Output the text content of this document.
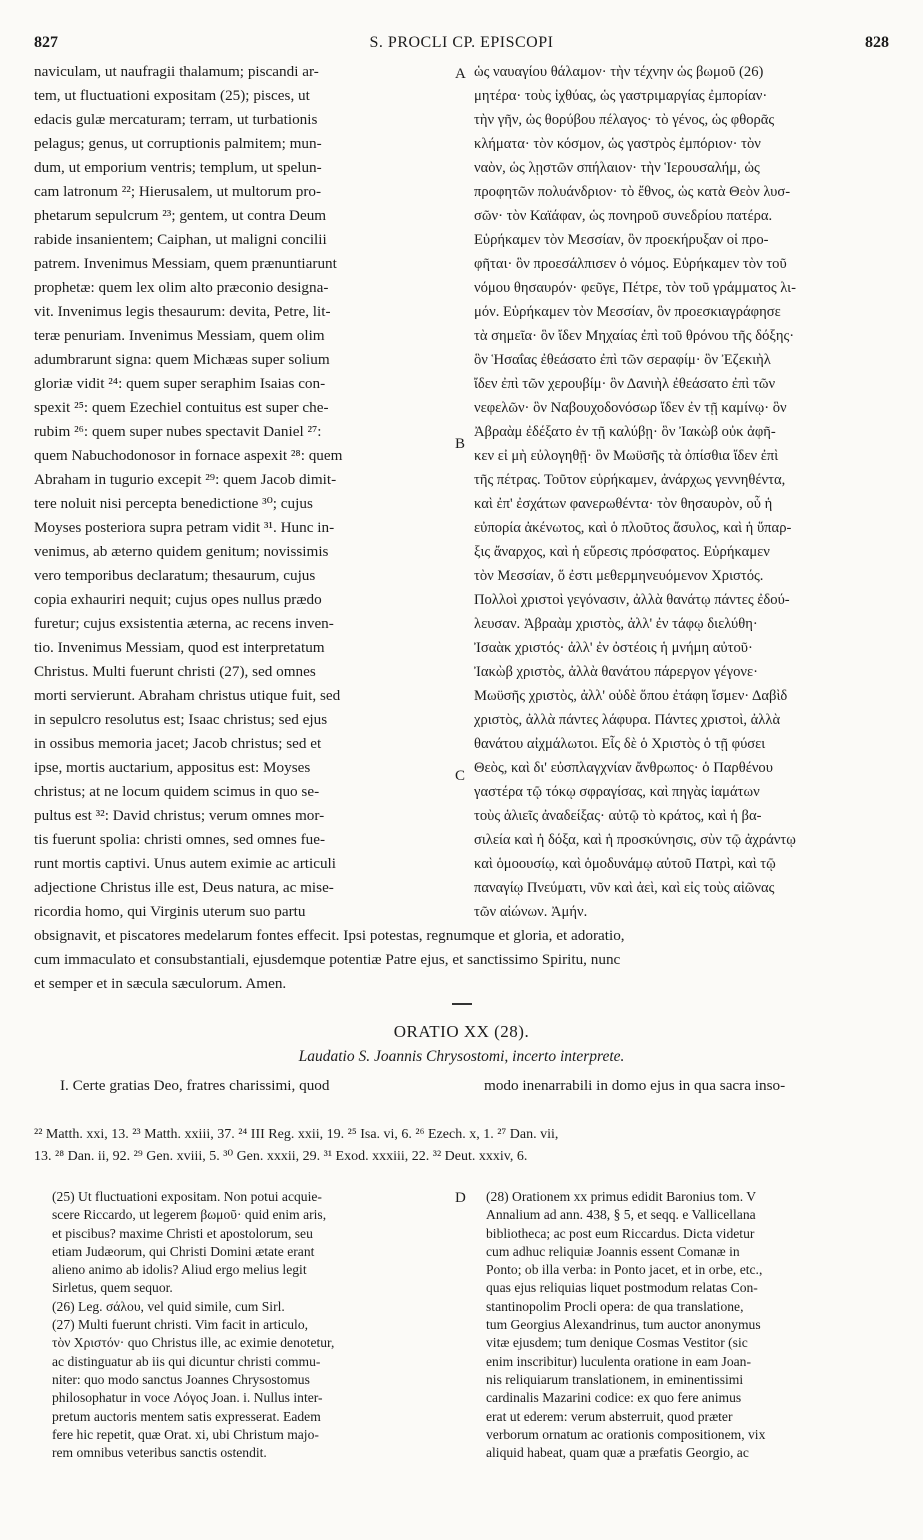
827	S. PROCLI CP. EPISCOPI	828
naviculam, ut naufragii thalamum; piscandi ar-
tem, ut fluctuationi expositam (25); pisces, ut
edacis gulæ mercaturam; terram, ut turbationis
pelagus; genus, ut corruptionis palmitem; mun-
dum, ut emporium ventris; templum, ut spelun-
cam latronum ²²; Hierusalem, ut multorum pro-
phetarum sepulcrum ²³; gentem, ut contra Deum
rabide insanientem; Caiphan, ut maligni concilii
patrem. Invenimus Messiam, quem prænuntiarunt
prophetæ: quem lex olim alto præconio designa-
vit. Invenimus legis thesaurum: devita, Petre, lit-
teræ penuriam. Invenimus Messiam, quem olim
adumbrarunt signa: quem Michæas super solium
gloriæ vidit ²⁴: quem super seraphim Isaias con-
spexit ²⁵: quem Ezechiel contuitus est super che-
rubim ²⁶: quem super nubes spectavit Daniel ²⁷:
quem Nabuchodonosor in fornace aspexit ²⁸: quem
Abraham in tugurio excepit ²⁹: quem Jacob dimit-
tere noluit nisi percepta benedictione ³⁰; cujus
Moyses posteriora supra petram vidit ³¹. Hunc in-
venimus, ab æterno quidem genitum; novissimis
vero temporibus declaratum; thesaurum, cujus
copia exhauriri nequit; cujus opes nullus prædo
furetur; cujus exsistentia æterna, ac recens inven-
tio. Invenimus Messiam, quod est interpretatum
Christus. Multi fuerunt christi (27), sed omnes
morti servierunt. Abraham christus utique fuit, sed
in sepulcro resolutus est; Isaac christus; sed ejus
in ossibus memoria jacet; Jacob christus; sed et
ipse, mortis auctarium, appositus est: Moyses
christus; at ne locum quidem scimus in quo se-
pultus est ³²: David christus; verum omnes mor-
tis fuerunt spolia: christi omnes, sed omnes fue-
runt mortis captivi. Unus autem eximie ac articuli
adjectione Christus ille est, Deus natura, ac mise-
ricordia homo, qui Virginis uterum suo partu
ὡς ναυαγίου θάλαμον· τὴν τέχνην ὡς βωμοῦ (26)
μητέρα· τοὺς ἰχθύας, ὡς γαστριμαργίας ἐμπορίαν·
τὴν γῆν, ὡς θορύβου πέλαγος· τὸ γένος, ὡς φθορᾶς
κλήματα· τὸν κόσμον, ὡς γαστρὸς ἐμπόριον· τὸν
ναὸν, ὡς λῃστῶν σπήλαιον· τὴν Ἱερουσαλήμ, ὡς
προφητῶν πολυάνδριον· τὸ ἔθνος, ὡς κατὰ Θεὸν λυσ-
σῶν· τὸν Καϊάφαν, ὡς πονηροῦ συνεδρίου πατέρα.
Εὑρήκαμεν τὸν Μεσσίαν, ὃν προεκήρυξαν οἱ προ-
φῆται· ὃν προεσάλπισεν ὁ νόμος. Εὑρήκαμεν τὸν τοῦ
νόμου θησαυρόν· φεῦγε, Πέτρε, τὸν τοῦ γράμματος λι-
μόν. Εὑρήκαμεν τὸν Μεσσίαν, ὃν προεσκιαγράφησε
τὰ σημεῖα· ὃν ἴδεν Μηχαίας ἐπὶ τοῦ θρόνου τῆς δόξης·
ὃν Ἡσαΐας ἐθεάσατο ἐπὶ τῶν σεραφίμ· ὃν Ἐζεκιὴλ
ἴδεν ἐπὶ τῶν χερουβίμ· ὃν Δανιὴλ ἐθεάσατο ἐπὶ τῶν
νεφελῶν· ὃν Ναβουχοδονόσωρ ἴδεν ἐν τῇ καμίνῳ· ὃν
Ἀβραὰμ ἐδέξατο ἐν τῇ καλύβῃ· ὃν Ἰακὼβ οὐκ ἀφῆ-
κεν εἰ μὴ εὐλογηθῇ· ὃν Μωϋσῆς τὰ ὀπίσθια ἴδεν ἐπὶ
τῆς πέτρας. Τοῦτον εὑρήκαμεν, ἀνάρχως γεννηθέντα,
καὶ ἐπ' ἐσχάτων φανερωθέντα· τὸν θησαυρὸν, οὗ ἡ
εὐπορία ἀκένωτος, καὶ ὁ πλοῦτος ἄσυλος, καὶ ἡ ὕπαρ-
ξις ἄναρχος, καὶ ἡ εὕρεσις πρόσφατος. Εὑρήκαμεν
τὸν Μεσσίαν, ὅ ἐστι μεθερμηνευόμενον Χριστός.
Πολλοὶ χριστοὶ γεγόνασιν, ἀλλὰ θανάτῳ πάντες ἐδού-
λευσαν. Ἀβραὰμ χριστὸς, ἀλλ' ἐν τάφῳ διελύθη·
Ἰσαὰκ χριστός· ἀλλ' ἐν ὀστέοις ἡ μνήμη αὐτοῦ·
Ἰακὼβ χριστὸς, ἀλλὰ θανάτου πάρεργον γέγονε·
Μωϋσῆς χριστὸς, ἀλλ' οὐδὲ ὅπου ἐτάφη ἴσμεν· Δαβὶδ
χριστὸς, ἀλλὰ πάντες λάφυρα. Πάντες χριστοὶ, ἀλλὰ
θανάτου αἰχμάλωτοι. Εἷς δὲ ὁ Χριστὸς ὁ τῇ φύσει
Θεὸς, καὶ δι' εὐσπλαγχνίαν ἄνθρωπος· ὁ Παρθένου
γαστέρα τῷ τόκῳ σφραγίσας, καὶ πηγὰς ἰαμάτων
τοὺς ἁλιεῖς ἀναδείξας· αὐτῷ τὸ κράτος, καὶ ἡ βα-
σιλεία καὶ ἡ δόξα, καὶ ἡ προσκύνησις, σὺν τῷ ἀχράντῳ
καὶ ὁμοουσίῳ, καὶ ὁμοδυνάμῳ αὐτοῦ Πατρὶ, καὶ τῷ
παναγίῳ Πνεύματι, νῦν καὶ ἀεὶ, καὶ εἰς τοὺς αἰῶνας
τῶν αἰώνων. Ἀμήν.
A
B
C
D
obsignavit, et piscatores medelarum fontes effecit. Ipsi potestas, regnumque et gloria, et adoratio,
cum immaculato et consubstantiali, ejusdemque potentiæ Patre ejus, et sanctissimo Spiritu, nunc
et semper et in sæcula sæculorum. Amen.
ORATIO XX (28).
Laudatio S. Joannis Chrysostomi, incerto interprete.
I. Certe gratias Deo, fratres charissimi, quod	modo inenarrabili in domo ejus in qua sacra inso-
²² Matth. xxi, 13. ²³ Matth. xxiii, 37. ²⁴ III Reg. xxii, 19. ²⁵ Isa. vi, 6. ²⁶ Ezech. x, 1. ²⁷ Dan. vii,
13. ²⁸ Dan. ii, 92. ²⁹ Gen. xviii, 5. ³⁰ Gen. xxxii, 29. ³¹ Exod. xxxiii, 22. ³² Deut. xxxiv, 6.
(25) Ut fluctuationi expositam. Non potui acquie-
scere Riccardo, ut legerem βωμοῦ· quid enim aris,
et piscibus? maxime Christi et apostolorum, seu
etiam Judæorum, qui Christi Domini ætate erant
alieno animo ab idolis? Aliud ergo melius legit
Sirletus, quem sequor.
(26) Leg. σάλου, vel quid simile, cum Sirl.
(27) Multi fuerunt christi. Vim facit in articulo,
τὸν Χριστόν· quo Christus ille, ac eximie denotetur,
ac distinguatur ab iis qui dicuntur christi commu-
niter: quo modo sanctus Joannes Chrysostomus
philosophatur in voce Λόγος Joan. i. Nullus inter-
pretum auctoris mentem satis expresserat. Eadem
fere hic repetit, quæ Orat. xi, ubi Christum majo-
rem omnibus veteribus sanctis ostendit.
(28) Orationem xx primus edidit Baronius tom. V
Annalium ad ann. 438, § 5, et seqq. e Vallicellana
bibliotheca; ac post eum Riccardus. Dicta videtur
cum adhuc reliquiæ Joannis essent Comanæ in
Ponto; ob illa verba: in Ponto jacet, et in orbe, etc.,
quas ejus reliquias liquet postmodum relatas Con-
stantinopolim Procli opera: de qua translatione,
tum Georgius Alexandrinus, tum auctor anonymus
vitæ ejusdem; tum denique Cosmas Vestitor (sic
enim inscribitur) luculenta oratione in eam Joan-
nis reliquiarum translationem, in eminentissimi
cardinalis Mazarini codice: ex quo fere animus
erat ut ederem: verum absterruit, quod præter
verborum ornatum ac orationis compositionem, vix
aliquid habeat, quam quæ a præfatis Georgio, ac
